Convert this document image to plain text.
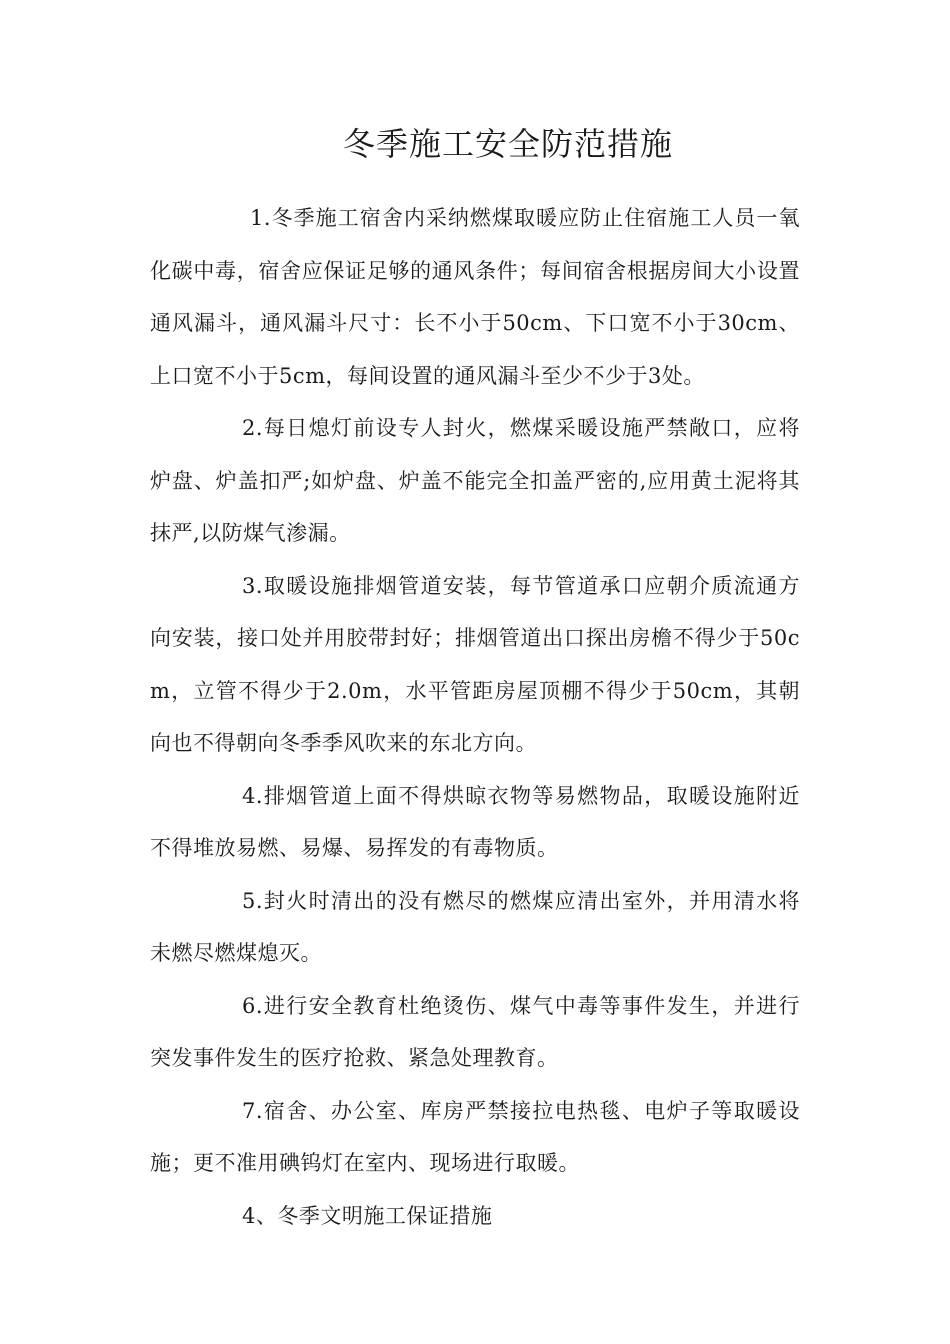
冬季施工安全防范措施

1.冬季施工宿舍内采纳燃煤取暖应防止住宿施工人员一氧化碳中毒，宿舍应保证足够的通风条件；每间宿舍根据房间大小设置通风漏斗，通风漏斗尺寸：长不小于50cm、下口宽不小于30cm、上口宽不小于5cm，每间设置的通风漏斗至少不少于3处。

2.每日熄灯前设专人封火，燃煤采暖设施严禁敞口，应将炉盘、炉盖扣严;如炉盘、炉盖不能完全扣盖严密的,应用黄土泥将其抹严,以防煤气渗漏。

3.取暖设施排烟管道安装，每节管道承口应朝介质流通方向安装，接口处并用胶带封好；排烟管道出口探出房檐不得少于50cm，立管不得少于2.0m，水平管距房屋顶棚不得少于50cm，其朝向也不得朝向冬季季风吹来的东北方向。

4.排烟管道上面不得烘晾衣物等易燃物品，取暖设施附近不得堆放易燃、易爆、易挥发的有毒物质。

5.封火时清出的没有燃尽的燃煤应清出室外，并用清水将未燃尽燃煤熄灭。

6.进行安全教育杜绝烫伤、煤气中毒等事件发生，并进行突发事件发生的医疗抢救、紧急处理教育。

7.宿舍、办公室、库房严禁接拉电热毯、电炉子等取暖设施；更不准用碘钨灯在室内、现场进行取暖。

4、冬季文明施工保证措施
